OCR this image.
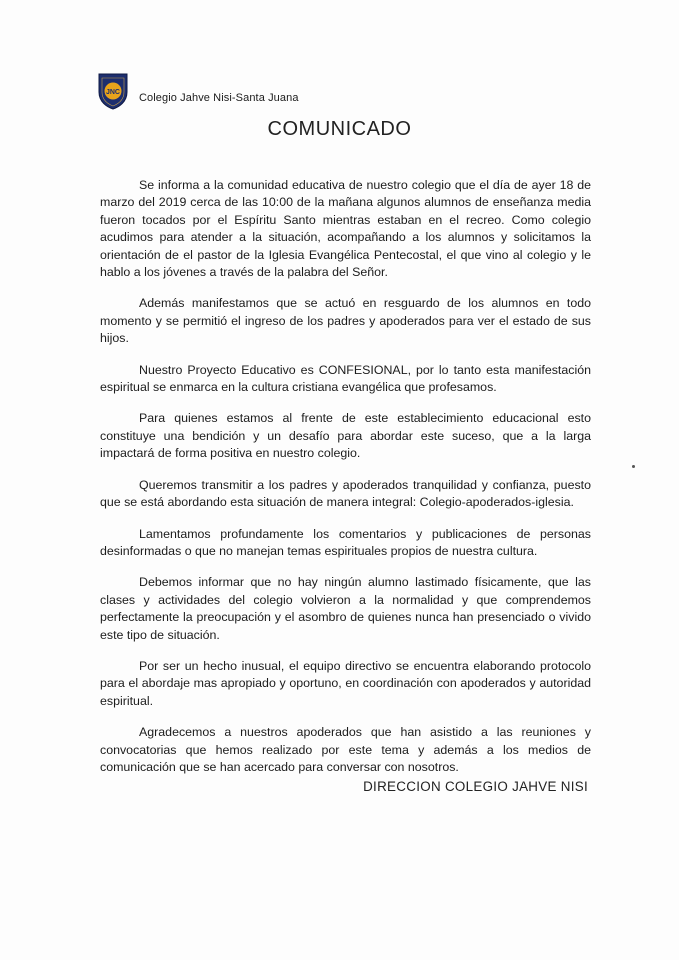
JNC Colegio Jahve Nisi-Santa Juana
COMUNICADO

Se informa a la comunidad educativa de nuestro colegio que el día de ayer 18 de marzo del 2019 cerca de las 10:00 de la mañana algunos alumnos de enseñanza media fueron tocados por el Espíritu Santo mientras estaban en el recreo. Como colegio acudimos para atender a la situación, acompañando a los alumnos y solicitamos la orientación de el pastor de la Iglesia Evangélica Pentecostal, el que vino al colegio y le hablo a los jóvenes a través de la palabra del Señor.

Además manifestamos que se actuó en resguardo de los alumnos en todo momento y se permitió el ingreso de los padres y apoderados para ver el estado de sus hijos.

Nuestro Proyecto Educativo es CONFESIONAL, por lo tanto esta manifestación espiritual se enmarca en la cultura cristiana evangélica que profesamos.

Para quienes estamos al frente de este establecimiento educacional esto constituye una bendición y un desafío para abordar este suceso, que a la larga impactará de forma positiva en nuestro colegio.

Queremos transmitir a los padres y apoderados tranquilidad y confianza, puesto que se está abordando esta situación de manera integral: Colegio-apoderados-iglesia.

Lamentamos profundamente los comentarios y publicaciones de personas desinformadas o que no manejan temas espirituales propios de nuestra cultura.

Debemos informar que no hay ningún alumno lastimado físicamente, que las clases y actividades del colegio volvieron a la normalidad y que comprendemos perfectamente la preocupación y el asombro de quienes nunca han presenciado o vivido este tipo de situación.

Por ser un hecho inusual, el equipo directivo se encuentra elaborando protocolo para el abordaje mas apropiado y oportuno, en coordinación con apoderados y autoridad espiritual.

Agradecemos a nuestros apoderados que han asistido a las reuniones y convocatorias que hemos realizado por este tema y además a los medios de comunicación que se han acercado para conversar con nosotros.

DIRECCION COLEGIO JAHVE NISI
